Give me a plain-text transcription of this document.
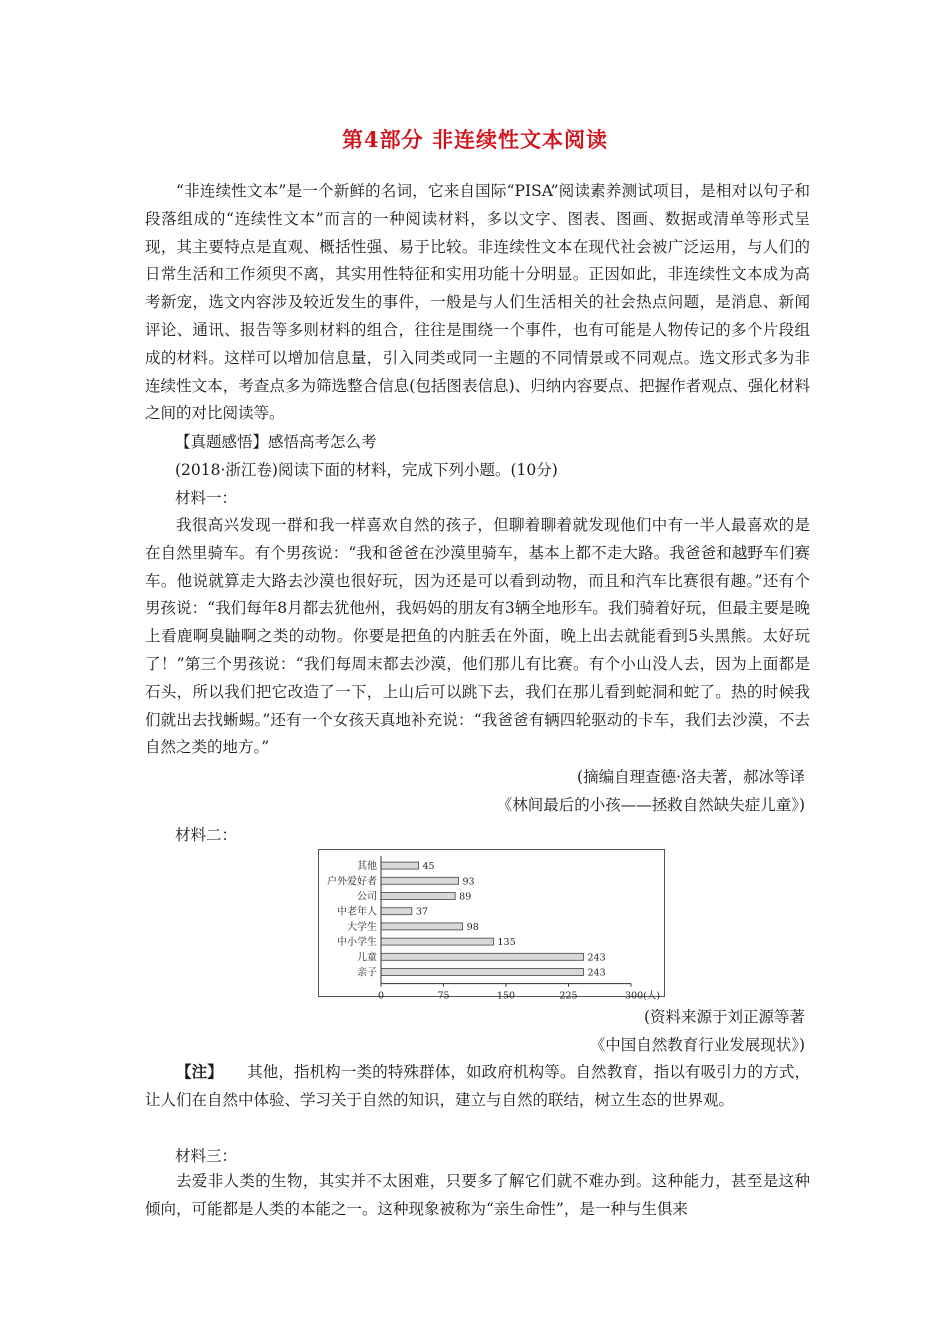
第4部分 非连续性文本阅读

“非连续性文本”是一个新鲜的名词，它来自国际“PISA”阅读素养测试项目，是相对以句子和段落组成的“连续性文本”而言的一种阅读材料，多以文字、图表、图画、数据或清单等形式呈现，其主要特点是直观、概括性强、易于比较。非连续性文本在现代社会被广泛运用，与人们的日常生活和工作须臾不离，其实用性特征和实用功能十分明显。正因如此，非连续性文本成为高考新宠，选文内容涉及较近发生的事件，一般是与人们生活相关的社会热点问题，是消息、新闻评论、通讯、报告等多则材料的组合，往往是围绕一个事件，也有可能是人物传记的多个片段组成的材料。这样可以增加信息量，引入同类或同一主题的不同情景或不同观点。选文形式多为非连续性文本，考查点多为筛选整合信息(包括图表信息)、归纳内容要点、把握作者观点、强化材料之间的对比阅读等。

【真题感悟】感悟高考怎么考
(2018·浙江卷)阅读下面的材料，完成下列小题。(10分)
材料一：

我很高兴发现一群和我一样喜欢自然的孩子，但聊着聊着就发现他们中有一半人最喜欢的是在自然里骑车。有个男孩说：“我和爸爸在沙漠里骑车，基本上都不走大路。我爸爸和越野车们赛车。他说就算走大路去沙漠也很好玩，因为还是可以看到动物，而且和汽车比赛很有趣。”还有个男孩说：“我们每年8月都去犹他州，我妈妈的朋友有3辆全地形车。我们骑着好玩，但最主要是晚上看鹿啊臭鼬啊之类的动物。你要是把鱼的内脏丢在外面，晚上出去就能看到5头黑熊。太好玩了！”第三个男孩说：“我们每周末都去沙漠，他们那儿有比赛。有个小山没人去，因为上面都是石头，所以我们把它改造了一下，上山后可以跳下去，我们在那儿看到蛇洞和蛇了。热的时候我们就出去找蜥蜴。”还有一个女孩天真地补充说：“我爸爸有辆四轮驱动的卡车，我们去沙漠，不去自然之类的地方。”

(摘编自理查德·洛夫著，郝冰等译
《林间最后的小孩——拯救自然缺失症儿童》)
材料二：
其他	45
户外爱好者	93
公司	89
中老年人	37
大学生	98
中小学生	135
儿童	243
亲子	243
0	75	150	225	300(人)
(资料来源于刘正源等著
《中国自然教育行业发展现状》)

【注】 其他，指机构一类的特殊群体，如政府机构等。自然教育，指以有吸引力的方式，让人们在自然中体验、学习关于自然的知识，建立与自然的联结，树立生态的世界观。

材料三：

去爱非人类的生物，其实并不太困难，只要多了解它们就不难办到。这种能力，甚至是这种倾向，可能都是人类的本能之一。这种现象被称为“亲生命性”，是一种与生俱来
